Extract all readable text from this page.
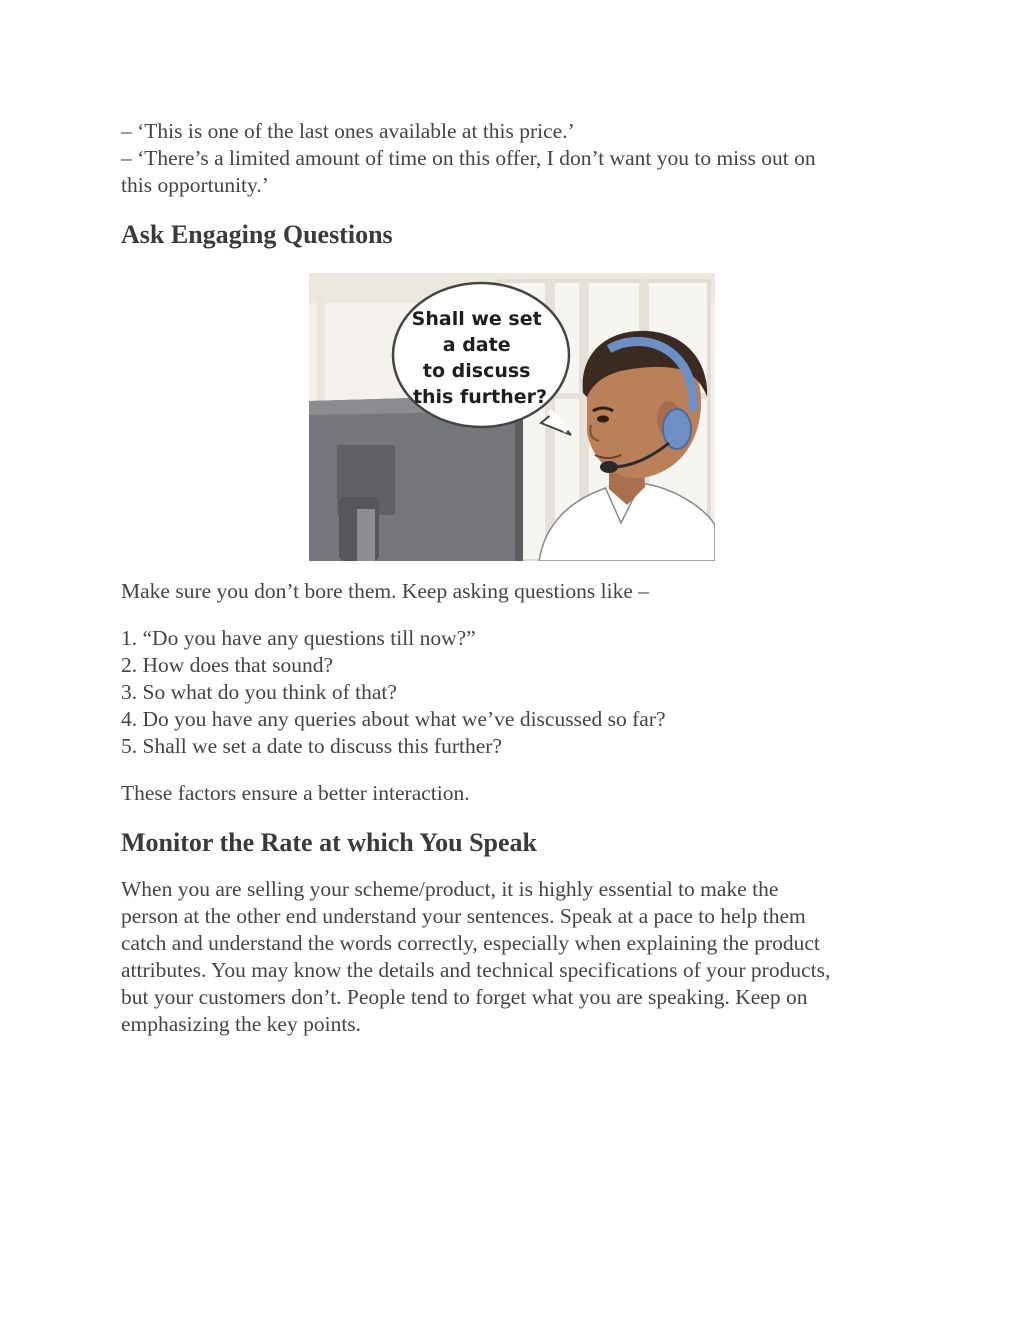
– ‘This is one of the last ones available at this price.’

– ‘There’s a limited amount of time on this offer, I don’t want you to miss out on

this opportunity.’

Ask Engaging Questions
Shall we set a date to discuss this further?

Make sure you don’t bore them. Keep asking questions like –

1. “Do you have any questions till now?”

2. How does that sound?

3. So what do you think of that?

4. Do you have any queries about what we’ve discussed so far?

5. Shall we set a date to discuss this further?

These factors ensure a better interaction.

Monitor the Rate at which You Speak

When you are selling your scheme/product, it is highly essential to make the

person at the other end understand your sentences. Speak at a pace to help them

catch and understand the words correctly, especially when explaining the product

attributes. You may know the details and technical specifications of your products,

but your customers don’t. People tend to forget what you are speaking. Keep on

emphasizing the key points.
